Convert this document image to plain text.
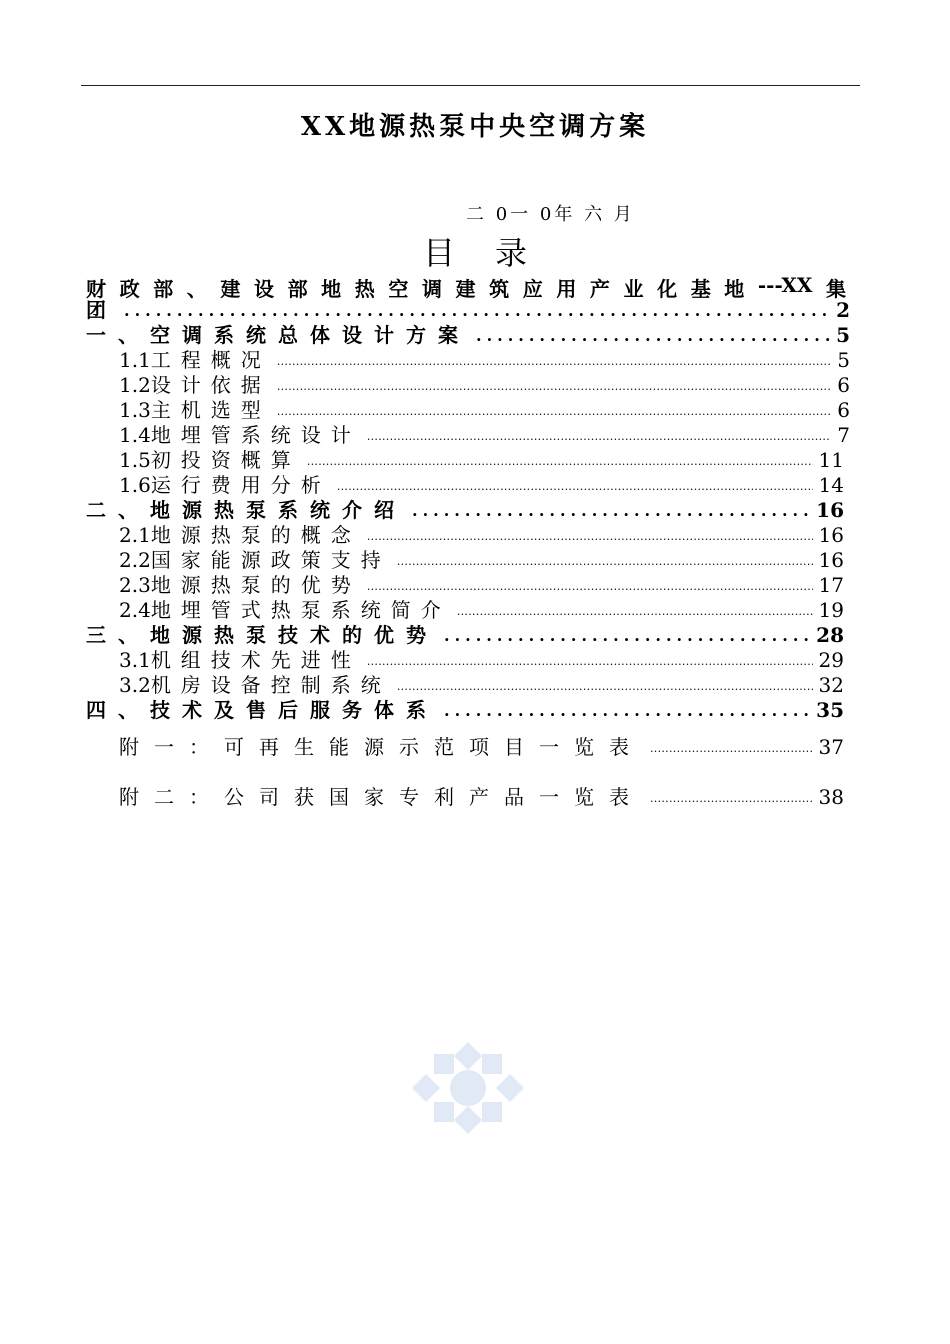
XX地源热泵中央空调方案
二 0一 0年 六 月
目录
财 政 部 、 建 设 部 地 热 空 调 建 筑 应 用 产 业 化 基 地 ---XX 集
团 .....	2
一、空调系统总体设计方案 .....	5
1.1工程概况 .....	5
1.2设计依据 .....	6
1.3主机选型 .....	6
1.4地埋管系统设计 .....	7
1.5初投资概算 .....	11
1.6运行费用分析 .....	14
二、地源热泵系统介绍 .....	16
2.1地源热泵的概念 .....	16
2.2国家能源政策支持 .....	16
2.3地源热泵的优势 .....	17
2.4地埋管式热泵系统简介 .....	19
三、地源热泵技术的优势 .....	28
3.1机组技术先进性 .....	29
3.2机房设备控制系统 .....	32
四、技术及售后服务体系 .....	35
附一：可再生能源示范项目一览表 .....	37
附二：公司获国家专利产品一览表 .....	38
